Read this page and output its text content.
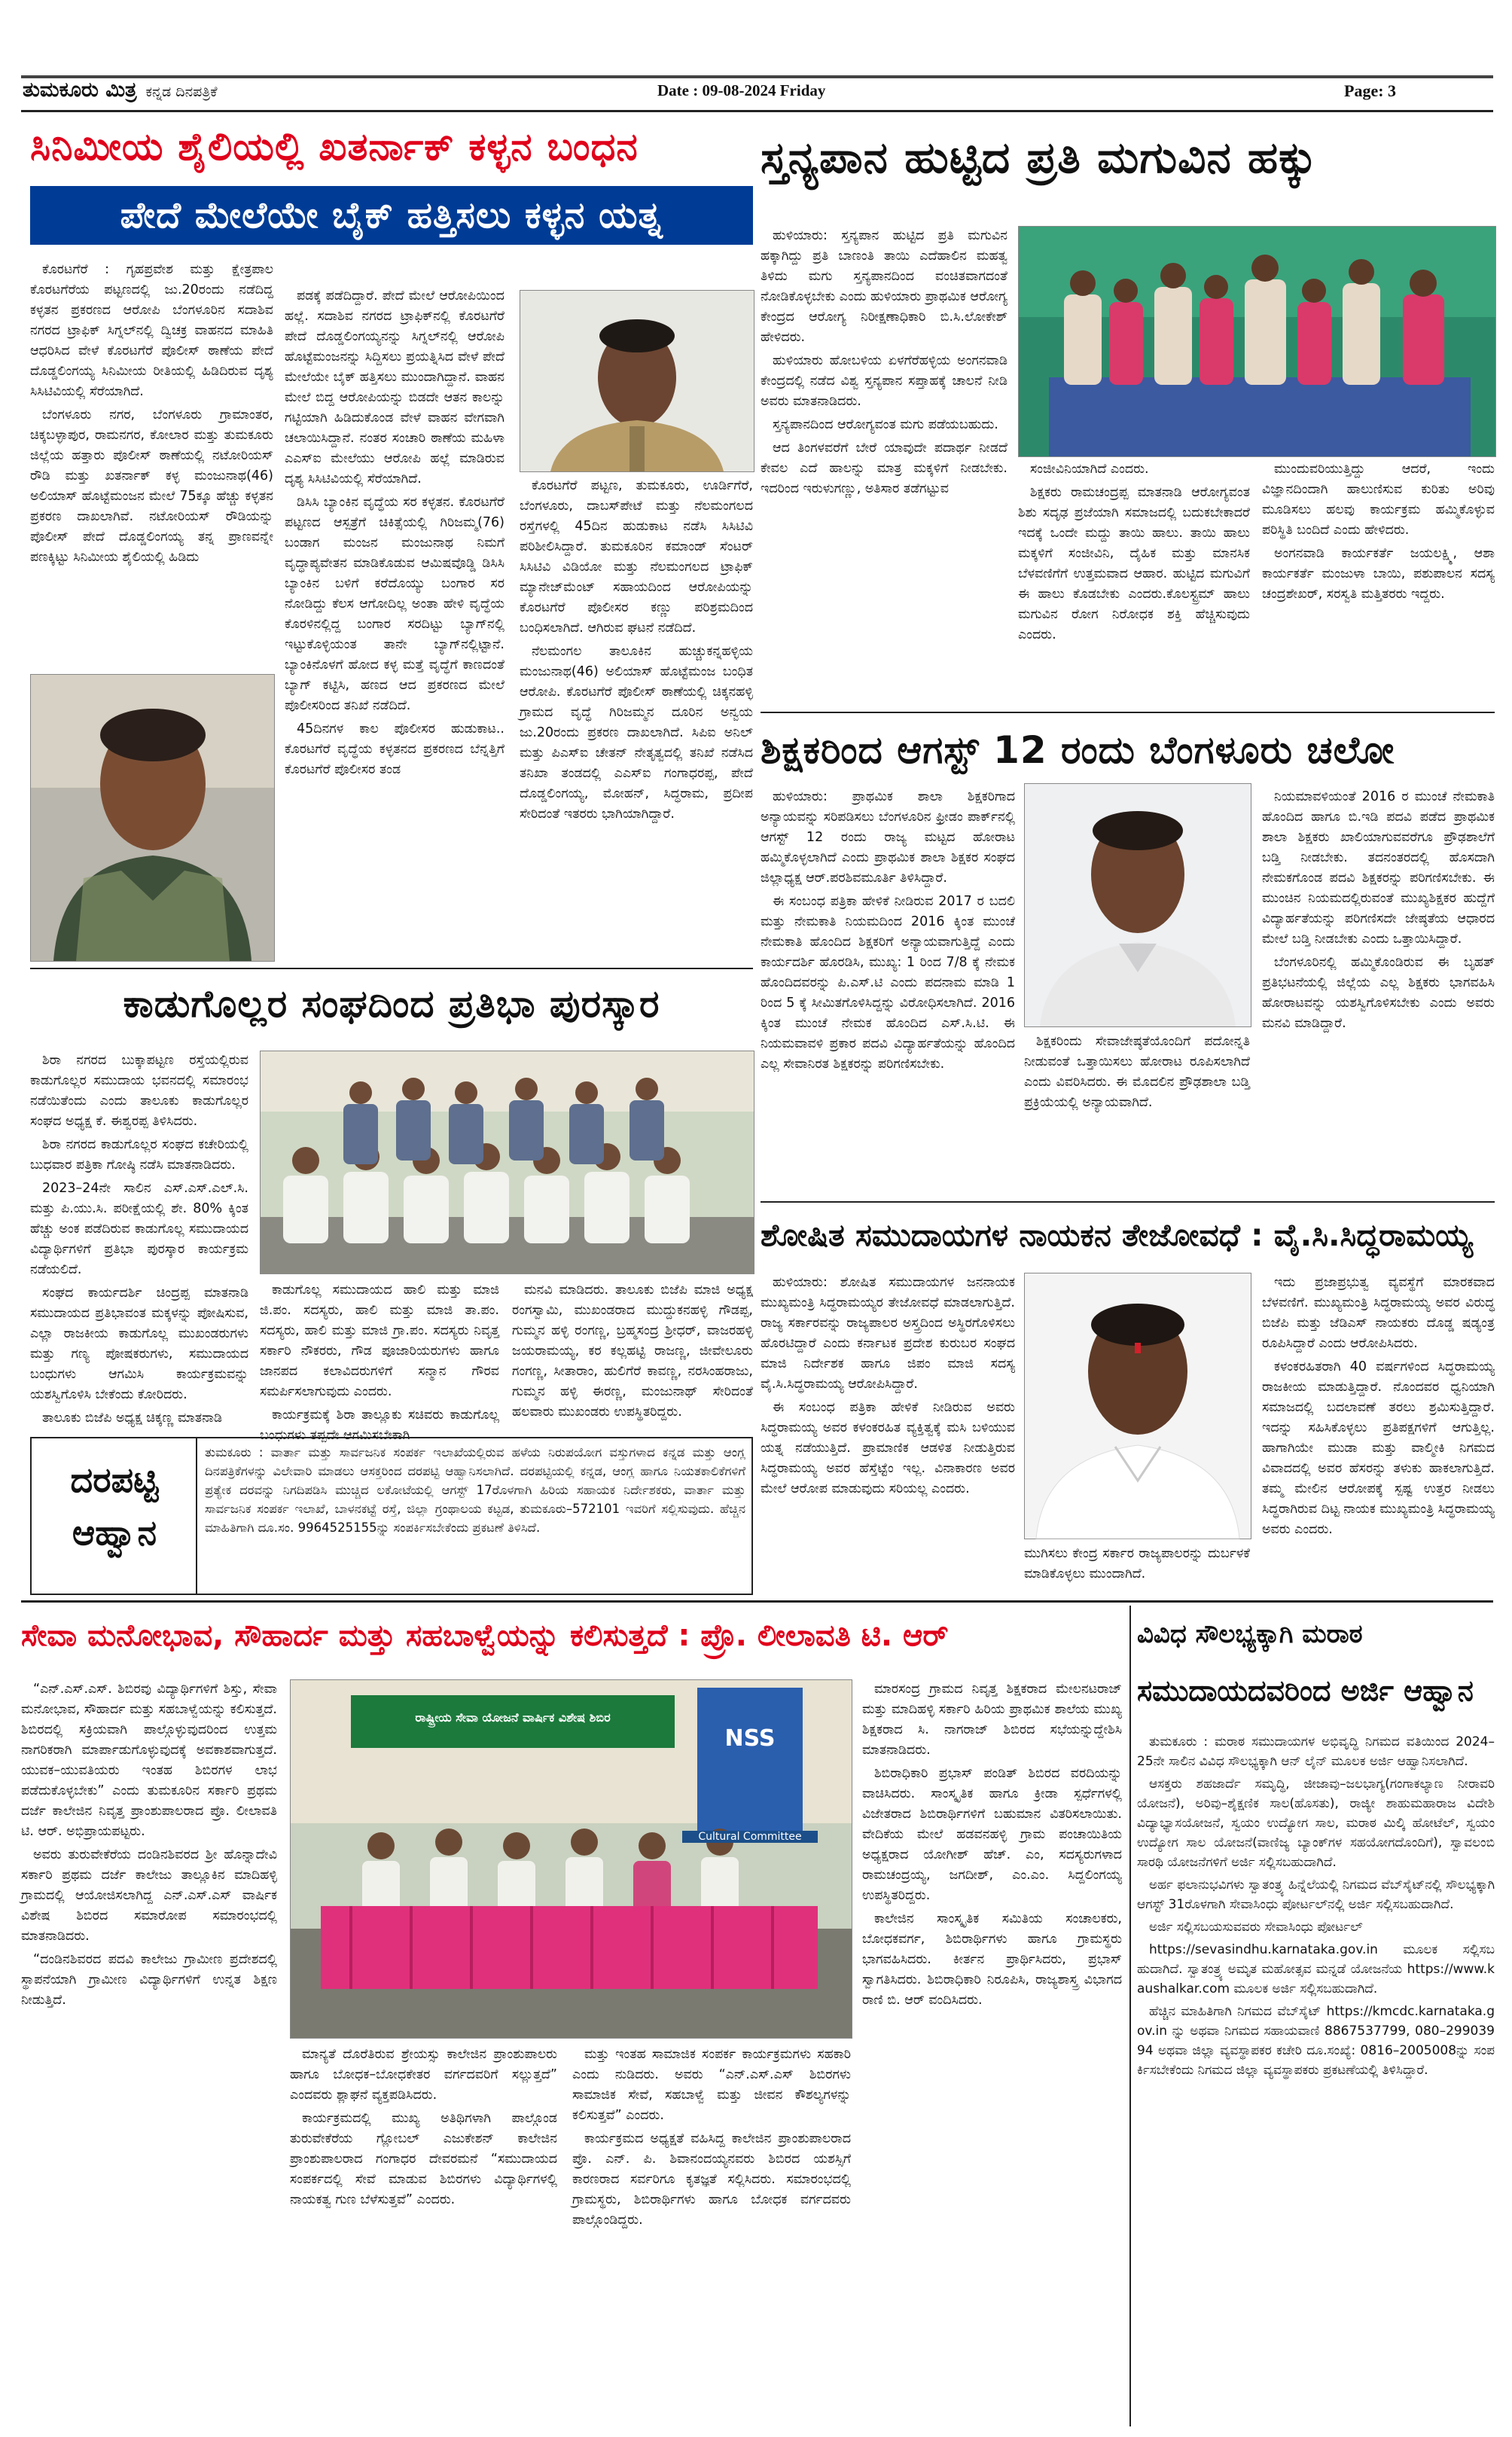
ತುಮಕೂರು ಮಿತ್ರ ಕನ್ನಡ ದಿನಪತ್ರಿಕೆ	Date : 09-08-2024 Friday	Page: 3
ಸಿನಿಮೀಯ ಶೈಲಿಯಲ್ಲಿ ಖತರ್ನಾಕ್ ಕಳ್ಳನ ಬಂಧನ
ಪೇದೆ ಮೇಲೆಯೇ ಬೈಕ್ ಹತ್ತಿಸಲು ಕಳ್ಳನ ಯತ್ನ

ಕೊರಟಗೆರೆ : ಗೃಹಪ್ರವೇಶ ಮತ್ತು ಕ್ಷೇತ್ರಪಾಲ ಕೊರಟಗೆರೆಯ ಪಟ್ಟಣದಲ್ಲಿ ಜು.20ರಂದು ನಡೆದಿದ್ದ ಕಳ್ಳತನ ಪ್ರಕರಣದ ಆರೋಪಿ ಬೆಂಗಳೂರಿನ ಸದಾಶಿವ ನಗರದ ಟ್ರಾಫಿಕ್ ಸಿಗ್ನಲ್‌ನಲ್ಲಿ ದ್ವಿಚಕ್ರ ವಾಹನದ ಮಾಹಿತಿ ಆಧರಿಸಿದ ವೇಳೆ ಕೊರಟಗೆರೆ ಪೊಲೀಸ್ ಠಾಣೆಯ ಪೇದೆ ದೊಡ್ಡಲಿಂಗಯ್ಯ ಸಿನಿಮೀಯ ರೀತಿಯಲ್ಲಿ ಹಿಡಿದಿರುವ ದೃಶ್ಯ ಸಿಸಿಟಿವಿಯಲ್ಲಿ ಸೆರೆಯಾಗಿದೆ.

ಬೆಂಗಳೂರು ನಗರ, ಬೆಂಗಳೂರು ಗ್ರಾಮಾಂತರ, ಚಿಕ್ಕಬಳ್ಳಾಪುರ, ರಾಮನಗರ, ಕೋಲಾರ ಮತ್ತು ತುಮಕೂರು ಜಿಲ್ಲೆಯ ಹತ್ತಾರು ಪೊಲೀಸ್ ಠಾಣೆಯಲ್ಲಿ ನಟೋರಿಯಸ್ ರೌಡಿ ಮತ್ತು ಖತರ್ನಾಕ್ ಕಳ್ಳ ಮಂಜುನಾಥ(46) ಅಲಿಯಾಸ್ ಹೊಟ್ಟೆಮಂಜನ ಮೇಲೆ 75ಕ್ಕೂ ಹೆಚ್ಚು ಕಳ್ಳತನ ಪ್ರಕರಣ ದಾಖಲಾಗಿವೆ. ನಟೋರಿಯಸ್ ರೌಡಿಯನ್ನು ಪೊಲೀಸ್ ಪೇದೆ ದೊಡ್ಡಲಿಂಗಯ್ಯ ತನ್ನ ಪ್ರಾಣವನ್ನೇ ಪಣಕ್ಕಿಟ್ಟು ಸಿನಿಮೀಯ ಶೈಲಿಯಲ್ಲಿ ಹಿಡಿದು

ಪಡಕ್ಕೆ ಪಡೆದಿದ್ದಾರೆ. ಪೇದೆ ಮೇಲೆ ಆರೋಪಿಯಿಂದ ಹಲ್ಲೆ. ಸದಾಶಿವ ನಗರದ ಟ್ರಾಫಿಕ್‌ನಲ್ಲಿ ಕೊರಟಗೆರೆ ಪೇದೆ ದೊಡ್ಡಲಿಂಗಯ್ಯನನ್ನು ಸಿಗ್ನಲ್‌ನಲ್ಲಿ ಆರೋಪಿ ಹೊಟ್ಟೆಮಂಜನನ್ನು ಸಿದ್ದಿಸಲು ಪ್ರಯತ್ನಿಸಿದ ವೇಳೆ ಪೇದೆ ಮೇಲೆಯೇ ಬೈಕ್ ಹತ್ತಿಸಲು ಮುಂದಾಗಿದ್ದಾನೆ. ವಾಹನ ಮೇಲೆ ಬಿದ್ದ ಆರೋಪಿಯನ್ನು ಬಿಡದೇ ಆತನ ಕಾಲನ್ನು ಗಟ್ಟಿಯಾಗಿ ಹಿಡಿದುಕೊಂಡ ವೇಳೆ ವಾಹನ ವೇಗವಾಗಿ ಚಲಾಯಿಸಿದ್ದಾನೆ. ನಂತರ ಸಂಚಾರಿ ಠಾಣೆಯ ಮಹಿಳಾ ಎಎಸ್ಐ ಮೇಲೆಯು ಆರೋಪಿ ಹಲ್ಲೆ ಮಾಡಿರುವ ದೃಶ್ಯ ಸಿಸಿಟಿವಿಯಲ್ಲಿ ಸೆರೆಯಾಗಿದೆ.

ಡಿಸಿಸಿ ಬ್ಯಾಂಕಿನ ವೃದ್ಧೆಯ ಸರ ಕಳ್ಳತನ. ಕೊರಟಗೆರೆ ಪಟ್ಟಣದ ಆಸ್ಪತ್ರೆಗೆ ಚಿಕಿತ್ಸೆಯಲ್ಲಿ ಗಿರಿಜಮ್ಮ(76) ಬಂಡಾಗ ಮಂಜನ ಮಂಜುನಾಥ ನಿಮಗೆ ವೃದ್ಧಾಪ್ಯವೇತನ ಮಾಡಿಕೊಡುವ ಆಮಿಷವೊಡ್ಡಿ ಡಿಸಿಸಿ ಬ್ಯಾಂಕಿನ ಬಳಿಗೆ ಕರೆದೊಯ್ಯು ಬಂಗಾರ ಸರ ನೋಡಿದ್ದು ಕೆಲಸ ಆಗೋದಿಲ್ಲ ಅಂತಾ ಹೇಳಿ ವೃದ್ಧೆಯ ಕೊರಳಿನಲ್ಲಿದ್ದ ಬಂಗಾರ ಸರದಿಟ್ಟು ಬ್ಯಾಗ್‌ನಲ್ಲಿ ಇಟ್ಟುಕೊಳ್ಳಿಯಂತ ತಾನೇ ಬ್ಯಾಗ್‌ನಲ್ಲಿಟ್ಟಾನೆ. ಬ್ಯಾಂಕಿನೊಳಗೆ ಹೋದ ಕಳ್ಳ ಮತ್ತೆ ವೃದ್ಧೆಗೆ ಕಾಣದಂತೆ ಬ್ಯಾಗ್ ಕಟ್ಟಿಸಿ, ಹಣದ ಆದ ಪ್ರಕರಣದ ಮೇಲೆ ಪೊಲೀಸರಿಂದ ತನಿಖೆ ನಡೆದಿದೆ.

45ದಿನಗಳ ಕಾಲ ಪೊಲೀಸರ ಹುಡುಕಾಟ.. ಕೊರಟಗೆರೆ ವೃದ್ಧೆಯ ಕಳ್ಳತನದ ಪ್ರಕರಣದ ಬೆನ್ನತ್ತಿಗೆ ಕೊರಟಗೆರೆ ಪೊಲೀಸರ ತಂಡ

ಕೊರಟಗೆರೆ ಪಟ್ಟಣ, ತುಮಕೂರು, ಊರ್ಡಿಗೆರೆ, ಬೆಂಗಳೂರು, ದಾಬಸ್‌ಪೇಟೆ ಮತ್ತು ನೆಲಮಂಗಲದ ರಸ್ತೆಗಳಲ್ಲಿ 45ದಿನ ಹುಡುಕಾಟ ನಡೆಸಿ ಸಿಸಿಟಿವಿ ಪರಿಶೀಲಿಸಿದ್ದಾರೆ. ತುಮಕೂರಿನ ಕಮಾಂಡ್ ಸೆಂಟರ್ ಸಿಸಿಟಿವಿ ವಿಡಿಯೋ ಮತ್ತು ನೆಲಮಂಗಲದ ಟ್ರಾಫಿಕ್ ಮ್ಯಾನೇಜ್‌ಮೆಂಟ್ ಸಹಾಯದಿಂದ ಆರೋಪಿಯನ್ನು ಕೊರಟಗೆರೆ ಪೊಲೀಸರ ಕಣ್ಣು ಪರಿಶ್ರಮದಿಂದ ಬಂಧಿಸಲಾಗಿದೆ. ಆಗಿರುವ ಘಟನೆ ನಡೆದಿದೆ.

ನೆಲಮಂಗಲ ತಾಲೂಕಿನ ಹುಚ್ಚುಕನ್ನಹಳ್ಳಿಯ ಮಂಜುನಾಥ(46) ಅಲಿಯಾಸ್ ಹೊಟ್ಟೆಮಂಜ ಬಂಧಿತ ಆರೋಪಿ. ಕೊರಟಗೆರೆ ಪೊಲೀಸ್ ಠಾಣೆಯಲ್ಲಿ ಚಿಕ್ಕನಹಳ್ಳಿ ಗ್ರಾಮದ ವೃದ್ಧೆ ಗಿರಿಜಮ್ಮನ ದೂರಿನ ಅನ್ವಯ ಜು.20ರಂದು ಪ್ರಕರಣ ದಾಖಲಾಗಿದೆ. ಸಿಪಿಐ ಅನಿಲ್ ಮತ್ತು ಪಿಎಸ್ಐ ಚೇತನ್ ನೇತೃತ್ವದಲ್ಲಿ ತನಿಖೆ ನಡೆಸಿದ ತನಿಖಾ ತಂಡದಲ್ಲಿ ಎಎಸ್ಐ ಗಂಗಾಧರಪ್ಪ, ಪೇದೆ ದೊಡ್ಡಲಿಂಗಯ್ಯ, ಮೋಹನ್, ಸಿದ್ಧರಾಮ, ಪ್ರದೀಪ ಸೇರಿದಂತೆ ಇತರರು ಭಾಗಿಯಾಗಿದ್ದಾರೆ.

ಕಾಡುಗೊಲ್ಲರ ಸಂಘದಿಂದ ಪ್ರತಿಭಾ ಪುರಸ್ಕಾರ

ಶಿರಾ ನಗರದ ಬುಕ್ಕಾಪಟ್ಟಣ ರಸ್ತೆಯಲ್ಲಿರುವ ಕಾಡುಗೊಲ್ಲರ ಸಮುದಾಯ ಭವನದಲ್ಲಿ ಸಮಾರಂಭ ನಡೆಯಿತೆಂದು ಎಂದು ತಾಲೂಕು ಕಾಡುಗೊಲ್ಲರ ಸಂಘದ ಅಧ್ಯಕ್ಷ ಕೆ. ಈಶ್ವರಪ್ಪ ತಿಳಿಸಿದರು.

ಶಿರಾ ನಗರದ ಕಾಡುಗೊಲ್ಲರ ಸಂಘದ ಕಚೇರಿಯಲ್ಲಿ ಬುಧವಾರ ಪತ್ರಿಕಾ ಗೋಷ್ಠಿ ನಡೆಸಿ ಮಾತನಾಡಿದರು.

2023–24ನೇ ಸಾಲಿನ ಎಸ್.ಎಸ್.ಎಲ್.ಸಿ. ಮತ್ತು ಪಿ.ಯು.ಸಿ. ಪರೀಕ್ಷೆಯಲ್ಲಿ ಶೇ. 80% ಕ್ಕಿಂತ ಹೆಚ್ಚು ಅಂಕ ಪಡೆದಿರುವ ಕಾಡುಗೊಲ್ಲ ಸಮುದಾಯದ ವಿದ್ಯಾರ್ಥಿಗಳಿಗೆ ಪ್ರತಿಭಾ ಪುರಸ್ಕಾರ ಕಾರ್ಯಕ್ರಮ ನಡೆಯಲಿದೆ.

ಸಂಘದ ಕಾರ್ಯದರ್ಶಿ ಚಿಂದ್ರಪ್ಪ ಮಾತನಾಡಿ ಸಮುದಾಯದ ಪ್ರತಿಭಾವಂತ ಮಕ್ಕಳನ್ನು ಪೋಷಿಸುವ, ಎಲ್ಲಾ ರಾಜಕೀಯ ಕಾಡುಗೊಲ್ಲ ಮುಖಂಡರುಗಳು ಮತ್ತು ಗಣ್ಯ ಪೋಷಕರುಗಳು, ಸಮುದಾಯದ ಬಂಧುಗಳು ಆಗಮಿಸಿ ಕಾರ್ಯಕ್ರಮವನ್ನು ಯಶಸ್ವಿಗೊಳಿಸಿ ಬೇಕೆಂದು ಕೋರಿದರು.

ತಾಲೂಕು ಬಿಜೆಪಿ ಅಧ್ಯಕ್ಷ ಚಿಕ್ಕಣ್ಣ ಮಾತನಾಡಿ

ಕಾಡುಗೊಲ್ಲ ಸಮುದಾಯದ ಹಾಲಿ ಮತ್ತು ಮಾಜಿ ಜಿ.ಪಂ. ಸದಸ್ಯರು, ಹಾಲಿ ಮತ್ತು ಮಾಜಿ ತಾ.ಪಂ. ಸದಸ್ಯರು, ಹಾಲಿ ಮತ್ತು ಮಾಜಿ ಗ್ರಾ.ಪಂ. ಸದಸ್ಯರು ನಿವೃತ್ತ ಸರ್ಕಾರಿ ನೌಕರರು, ಗೌಡ ಪೂಜಾರಿಯರುಗಳು ಹಾಗೂ ಜಾನಪದ ಕಲಾವಿದರುಗಳಿಗೆ ಸನ್ಮಾನ ಗೌರವ ಸಮರ್ಪಿಸಲಾಗುವುದು ಎಂದರು.

ಕಾರ್ಯಕ್ರಮಕ್ಕೆ ಶಿರಾ ತಾಲ್ಲೂಕು ಸಚಿವರು ಕಾಡುಗೊಲ್ಲ ಬಂಧುಗಳು ತಪ್ಪದೇ ಆಗಮಿಸಬೇಕಾಗಿ

ಮನವಿ ಮಾಡಿದರು. ತಾಲೂಕು ಬಿಜೆಪಿ ಮಾಜಿ ಅಧ್ಯಕ್ಷ ರಂಗಸ್ವಾಮಿ, ಮುಖಂಡರಾದ ಮುದ್ದುಕನಹಳ್ಳಿ ಗೌಡಪ್ಪ, ಗುಮ್ಮನ ಹಳ್ಳಿ ರಂಗಣ್ಣ, ಬ್ರಹ್ಮಸಂದ್ರ ಶ್ರೀಧರ್, ವಾಜರಹಳ್ಳಿ ಜಯರಾಮಯ್ಯ, ಕರ ಕಲ್ಲಹಟ್ಟಿ ರಾಜಣ್ಣ, ಜೀವೇಲೂರು ಗಂಗಣ್ಣ, ಸೀತಾರಾಂ, ಹುಲಿಗೆರೆ ಕಾವಣ್ಣ, ನರಸಿಂಹರಾಜು, ಗುಮ್ಮನ ಹಳ್ಳಿ ಈರಣ್ಣ, ಮಂಜುನಾಥ್ ಸೇರಿದಂತೆ ಹಲವಾರು ಮುಖಂಡರು ಉಪಸ್ಥಿತರಿದ್ದರು.

ದರಪಟ್ಟಿ ಆಹ್ವಾನ
ತುಮಕೂರು : ವಾರ್ತಾ ಮತ್ತು ಸಾರ್ವಜನಿಕ ಸಂಪರ್ಕ ಇಲಾಖೆಯಲ್ಲಿರುವ ಹಳೆಯ ನಿರುಪಯೋಗ ವಸ್ತುಗಳಾದ ಕನ್ನಡ ಮತ್ತು ಆಂಗ್ಲ ದಿನಪತ್ರಿಕೆಗಳನ್ನು ವಿಲೇವಾರಿ ಮಾಡಲು ಆಸಕ್ತರಿಂದ ದರಪಟ್ಟಿ ಆಹ್ವಾನಿಸಲಾಗಿದೆ. ದರಪಟ್ಟಿಯಲ್ಲಿ ಕನ್ನಡ, ಆಂಗ್ಲ ಹಾಗೂ ನಿಯತಕಾಲಿಕೆಗಳಿಗೆ ಪ್ರತ್ಯೇಕ ದರವನ್ನು ನಿಗದಿಪಡಿಸಿ ಮುಚ್ಚಿದ ಲಕೋಟೆಯಲ್ಲಿ ಆಗಸ್ಟ್ 17ರೊಳಗಾಗಿ ಹಿರಿಯ ಸಹಾಯಕ ನಿರ್ದೇಶಕರು, ವಾರ್ತಾ ಮತ್ತು ಸಾರ್ವಜನಿಕ ಸಂಪರ್ಕ ಇಲಾಖೆ, ಬಾಳನಕಟ್ಟೆ ರಸ್ತೆ, ಜಿಲ್ಲಾ ಗ್ರಂಥಾಲಯ ಕಟ್ಟಡ, ತುಮಕೂರು–572101 ಇವರಿಗೆ ಸಲ್ಲಿಸುವುದು. ಹೆಚ್ಚಿನ ಮಾಹಿತಿಗಾಗಿ ದೂ.ಸಂ. 9964525155ನ್ನು ಸಂಪರ್ಕಿಸಬೇಕೆಂದು ಪ್ರಕಟಣೆ ತಿಳಿಸಿದೆ.
ಸ್ತನ್ಯಪಾನ ಹುಟ್ಟಿದ ಪ್ರತಿ ಮಗುವಿನ ಹಕ್ಕು

ಹುಳಿಯಾರು: ಸ್ತನ್ಯಪಾನ ಹುಟ್ಟಿದ ಪ್ರತಿ ಮಗುವಿನ ಹಕ್ಕಾಗಿದ್ದು ಪ್ರತಿ ಬಾಣಂತಿ ತಾಯಿ ಎದೆಹಾಲಿನ ಮಹತ್ವ ತಿಳಿದು ಮಗು ಸ್ತನ್ಯಪಾನದಿಂದ ವಂಚಿತವಾಗದಂತೆ ನೋಡಿಕೊಳ್ಳಬೇಕು ಎಂದು ಹುಳಿಯಾರು ಪ್ರಾಥಮಿಕ ಆರೋಗ್ಯ ಕೇಂದ್ರದ ಆರೋಗ್ಯ ನಿರೀಕ್ಷಣಾಧಿಕಾರಿ ಬಿ.ಸಿ.ಲೋಕೇಶ್ ಹೇಳಿದರು.

ಹುಳಿಯಾರು ಹೋಬಳಿಯ ಏಳಗೆರೆಹಳ್ಳಿಯ ಅಂಗನವಾಡಿ ಕೇಂದ್ರದಲ್ಲಿ ನಡೆದ ವಿಶ್ವ ಸ್ತನ್ಯಪಾನ ಸಪ್ತಾಹಕ್ಕೆ ಚಾಲನೆ ನೀಡಿ ಅವರು ಮಾತನಾಡಿದರು.

ಸ್ತನ್ಯಪಾನದಿಂದ ಆರೋಗ್ಯವಂತ ಮಗು ಪಡೆಯಬಹುದು.

ಆದ ತಿಂಗಳವರೆಗೆ ಬೇರೆ ಯಾವುದೇ ಪದಾರ್ಥ ನೀಡದೆ ಕೇವಲ ಎದೆ ಹಾಲನ್ನು ಮಾತ್ರ ಮಕ್ಕಳಿಗೆ ನೀಡಬೇಕು. ಇದರಿಂದ ಇರುಳುಗಣ್ಣು, ಅತಿಸಾರ ತಡೆಗಟ್ಟುವ

ಸಂಜೀವಿನಿಯಾಗಿದೆ ಎಂದರು.

ಶಿಕ್ಷಕರು ರಾಮಚಂದ್ರಪ್ಪ ಮಾತನಾಡಿ ಆರೋಗ್ಯವಂತ ಶಿಶು ಸದೃಢ ಪ್ರಜೆಯಾಗಿ ಸಮಾಜದಲ್ಲಿ ಬದುಕಬೇಕಾದರೆ ಇದಕ್ಕೆ ಒಂದೇ ಮದ್ದು ತಾಯಿ ಹಾಲು. ತಾಯಿ ಹಾಲು ಮಕ್ಕಳಿಗೆ ಸಂಜೀವಿನಿ, ದೈಹಿಕ ಮತ್ತು ಮಾನಸಿಕ ಬೆಳವಣಿಗೆಗೆ ಉತ್ತಮವಾದ ಆಹಾರ. ಹುಟ್ಟಿದ ಮಗುವಿಗೆ ಈ ಹಾಲು ಕೊಡಬೇಕು ಎಂದರು.ಕೊಲಸ್ಟ್ರಮ್ ಹಾಲು ಮಗುವಿನ ರೋಗ ನಿರೋಧಕ ಶಕ್ತಿ ಹೆಚ್ಚಿಸುವುದು ಎಂದರು.

ಮುಂದುವರಿಯುತ್ತಿದ್ದು ಆದರೆ, ಇಂದು ವಿಜ್ಞಾನದಿಂದಾಗಿ ಹಾಲುಣಿಸುವ ಕುರಿತು ಅರಿವು ಮೂಡಿಸಲು ಹಲವು ಕಾರ್ಯಕ್ರಮ ಹಮ್ಮಿಕೊಳ್ಳುವ ಪರಿಸ್ಥಿತಿ ಬಂದಿದೆ ಎಂದು ಹೇಳಿದರು.

ಅಂಗನವಾಡಿ ಕಾರ್ಯಕರ್ತೆ ಜಯಲಕ್ಷ್ಮಿ, ಆಶಾ ಕಾರ್ಯಕರ್ತೆ ಮಂಜುಳಾ ಬಾಯಿ, ಪಶುಪಾಲನ ಸದಸ್ಯ ಚಂದ್ರಶೇಖರ್, ಸರಸ್ವತಿ ಮತ್ತಿತರರು ಇದ್ದರು.

ಶಿಕ್ಷಕರಿಂದ ಆಗಸ್ಟ್ 12 ರಂದು ಬೆಂಗಳೂರು ಚಲೋ

ಹುಳಿಯಾರು: ಪ್ರಾಥಮಿಕ ಶಾಲಾ ಶಿಕ್ಷಕರಿಗಾದ ಅನ್ಯಾಯವನ್ನು ಸರಿಪಡಿಸಲು ಬೆಂಗಳೂರಿನ ಫ್ರೀಡಂ ಪಾರ್ಕ್‌ನಲ್ಲಿ ಆಗಸ್ಟ್ 12 ರಂದು ರಾಜ್ಯ ಮಟ್ಟದ ಹೋರಾಟ ಹಮ್ಮಿಕೊಳ್ಳಲಾಗಿದೆ ಎಂದು ಪ್ರಾಥಮಿಕ ಶಾಲಾ ಶಿಕ್ಷಕರ ಸಂಘದ ಜಿಲ್ಲಾಧ್ಯಕ್ಷ ಆರ್.ಪರಶಿವಮೂರ್ತಿ ತಿಳಿಸಿದ್ದಾರೆ.

ಈ ಸಂಬಂಧ ಪತ್ರಿಕಾ ಹೇಳಿಕೆ ನೀಡಿರುವ 2017 ರ ಬದಲಿ ಮತ್ತು ನೇಮಕಾತಿ ನಿಯಮದಿಂದ 2016 ಕ್ಕಿಂತ ಮುಂಚೆ ನೇಮಕಾತಿ ಹೊಂದಿದ ಶಿಕ್ಷಕರಿಗೆ ಅನ್ಯಾಯವಾಗುತ್ತಿದ್ದೆ ಎಂದು ಕಾರ್ಯದರ್ಶಿ ಹೊರಡಿಸಿ, ಮುಖ್ಯ: 1 ರಿಂದ 7/8 ಕ್ಕೆ ನೇಮಕ ಹೊಂದಿದವರನ್ನು ಪಿ.ಎಸ್.ಟಿ ಎಂದು ಪದನಾಮ ಮಾಡಿ 1 ರಿಂದ 5 ಕ್ಕೆ ಸೀಮಿತಗೊಳಿಸಿದ್ದನ್ನು ವಿರೋಧಿಸಲಾಗಿದೆ. 2016 ಕ್ಕಿಂತ ಮುಂಚೆ ನೇಮಕ ಹೊಂದಿದ ಎಸ್.ಸಿ.ಟಿ. ಈ ನಿಯಮವಾವಳಿ ಪ್ರಕಾರ ಪದವಿ ವಿದ್ಯಾರ್ಹತೆಯನ್ನು ಹೊಂದಿದ ಎಲ್ಲ ಸೇವಾನಿರತ ಶಿಕ್ಷಕರನ್ನು ಪರಿಗಣಿಸಬೇಕು.

ಶಿಕ್ಷಕರಿಂದು ಸೇವಾಜೇಷ್ಠತೆಯೊಂದಿಗೆ ಪದೋನ್ನತಿ ನೀಡುವಂತೆ ಒತ್ತಾಯಿಸಲು ಹೋರಾಟ ರೂಪಿಸಲಾಗಿದೆ ಎಂದು ವಿವರಿಸಿದರು. ಈ ಮೊದಲಿನ ಪ್ರೌಢಶಾಲಾ ಬಡ್ತಿ ಪ್ರಕ್ರಿಯೆಯಲ್ಲಿ ಅನ್ಯಾಯವಾಗಿದೆ.

ನಿಯಮಾವಳಿಯಂತೆ 2016 ರ ಮುಂಚೆ ನೇಮಕಾತಿ ಹೊಂದಿದ ಹಾಗೂ ಬಿ.ಇಡಿ ಪದವಿ ಪಡೆದ ಪ್ರಾಥಮಿಕ ಶಾಲಾ ಶಿಕ್ಷಕರು ಖಾಲಿಯಾಗುವವರೆಗೂ ಪ್ರೌಢಶಾಲೆಗೆ ಬಡ್ತಿ ನೀಡಬೇಕು. ತದನಂತರದಲ್ಲಿ ಹೊಸದಾಗಿ ನೇಮಕಗೊಂಡ ಪದವಿ ಶಿಕ್ಷಕರನ್ನು ಪರಿಗಣಿಸಬೇಕು. ಈ ಮುಂಚಿನ ನಿಯಮದಲ್ಲಿರುವಂತೆ ಮುಖ್ಯಶಿಕ್ಷಕರ ಹುದ್ದೆಗೆ ವಿದ್ಯಾರ್ಹತೆಯನ್ನು ಪರಿಗಣಿಸದೇ ಜೇಷ್ಠತೆಯ ಆಧಾರದ ಮೇಲೆ ಬಡ್ತಿ ನೀಡಬೇಕು ಎಂದು ಒತ್ತಾಯಿಸಿದ್ದಾರೆ.

ಬೆಂಗಳೂರಿನಲ್ಲಿ ಹಮ್ಮಿಕೊಂಡಿರುವ ಈ ಬೃಹತ್ ಪ್ರತಿಭಟನೆಯಲ್ಲಿ ಜಿಲ್ಲೆಯ ಎಲ್ಲ ಶಿಕ್ಷಕರು ಭಾಗವಹಿಸಿ ಹೋರಾಟವನ್ನು ಯಶಸ್ವಿಗೊಳಿಸಬೇಕು ಎಂದು ಅವರು ಮನವಿ ಮಾಡಿದ್ದಾರೆ.

ಶೋಷಿತ ಸಮುದಾಯಗಳ ನಾಯಕನ ತೇಜೋವಧೆ : ವೈ.ಸಿ.ಸಿದ್ಧರಾಮಯ್ಯ

ಹುಳಿಯಾರು: ಶೋಷಿತ ಸಮುದಾಯಗಳ ಜನನಾಯಕ ಮುಖ್ಯಮಂತ್ರಿ ಸಿದ್ಧರಾಮಯ್ಯರ ತೇಜೋವಧೆ ಮಾಡಲಾಗುತ್ತಿದೆ. ರಾಜ್ಯ ಸರ್ಕಾರವನ್ನು ರಾಜ್ಯಪಾಲರ ಅಸ್ತ್ರದಿಂದ ಅಸ್ಥಿರಗೊಳಿಸಲು ಹೊರಟಿದ್ದಾರೆ ಎಂದು ಕರ್ನಾಟಕ ಪ್ರದೇಶ ಕುರುಬರ ಸಂಘದ ಮಾಜಿ ನಿರ್ದೇಶಕ ಹಾಗೂ ಜಿಪಂ ಮಾಜಿ ಸದಸ್ಯ ವೈ.ಸಿ.ಸಿದ್ಧರಾಮಯ್ಯ ಆರೋಪಿಸಿದ್ದಾರೆ.

ಈ ಸಂಬಂಧ ಪತ್ರಿಕಾ ಹೇಳಿಕೆ ನೀಡಿರುವ ಅವರು ಸಿದ್ಧರಾಮಯ್ಯ ಅವರ ಕಳಂಕರಹಿತ ವ್ಯಕ್ತಿತ್ವಕ್ಕೆ ಮಸಿ ಬಳಿಯುವ ಯತ್ನ ನಡೆಯುತ್ತಿದೆ. ಪ್ರಾಮಾಣಿಕ ಆಡಳಿತ ನೀಡುತ್ತಿರುವ ಸಿದ್ಧರಾಮಯ್ಯ ಅವರ ಹೆಸ್ತೆಟ್ಟೆಂ ಇಲ್ಲ. ವಿನಾಕಾರಣ ಅವರ ಮೇಲೆ ಆರೋಪ ಮಾಡುವುದು ಸರಿಯಲ್ಲ ಎಂದರು.

ಮುಗಿಸಲು ಕೇಂದ್ರ ಸರ್ಕಾರ ರಾಜ್ಯಪಾಲರನ್ನು ದುರ್ಬಳಕೆ ಮಾಡಿಕೊಳ್ಳಲು ಮುಂದಾಗಿದೆ.

ಇದು ಪ್ರಜಾಪ್ರಭುತ್ವ ವ್ಯವಸ್ಥೆಗೆ ಮಾರಕವಾದ ಬೆಳವಣಿಗೆ. ಮುಖ್ಯಮಂತ್ರಿ ಸಿದ್ಧರಾಮಯ್ಯ ಅವರ ವಿರುದ್ಧ ಬಿಜೆಪಿ ಮತ್ತು ಜೆಡಿಎಸ್ ನಾಯಕರು ದೊಡ್ಡ ಷಡ್ಯಂತ್ರ ರೂಪಿಸಿದ್ದಾರೆ ಎಂದು ಆರೋಪಿಸಿದರು.

ಕಳಂಕರಹಿತರಾಗಿ 40 ವರ್ಷಗಳಿಂದ ಸಿದ್ಧರಾಮಯ್ಯ ರಾಜಕೀಯ ಮಾಡುತ್ತಿದ್ದಾರೆ. ನೊಂದವರ ಧ್ವನಿಯಾಗಿ ಸಮಾಜದಲ್ಲಿ ಬದಲಾವಣೆ ತರಲು ಶ್ರಮಿಸುತ್ತಿದ್ದಾರೆ. ಇದನ್ನು ಸಹಿಸಿಕೊಳ್ಳಲು ಪ್ರತಿಪಕ್ಷಗಳಿಗೆ ಆಗುತ್ತಿಲ್ಲ. ಹಾಗಾಗಿಯೇ ಮುಡಾ ಮತ್ತು ವಾಲ್ಮೀಕಿ ನಿಗಮದ ವಿವಾದದಲ್ಲಿ ಅವರ ಹೆಸರನ್ನು ತಳುಕು ಹಾಕಲಾಗುತ್ತಿದೆ. ತಮ್ಮ ಮೇಲಿನ ಆರೋಪಕ್ಕೆ ಸ್ಪಷ್ಟ ಉತ್ತರ ನೀಡಲು ಸಿದ್ಧರಾಗಿರುವ ದಿಟ್ಟ ನಾಯಕ ಮುಖ್ಯಮಂತ್ರಿ ಸಿದ್ಧರಾಮಯ್ಯ ಅವರು ಎಂದರು.

ಸೇವಾ ಮನೋಭಾವ, ಸೌಹಾರ್ದ ಮತ್ತು ಸಹಬಾಳ್ವೆಯನ್ನು ಕಲಿಸುತ್ತದೆ : ಪ್ರೊ. ಲೀಲಾವತಿ ಟಿ. ಆರ್

“ಎನ್.ಎಸ್.ಎಸ್. ಶಿಬಿರವು ವಿದ್ಯಾರ್ಥಿಗಳಿಗೆ ಶಿಸ್ತು, ಸೇವಾ ಮನೋಭಾವ, ಸೌಹಾರ್ದ ಮತ್ತು ಸಹಬಾಳ್ವೆಯನ್ನು ಕಲಿಸುತ್ತದೆ. ಶಿಬಿರದಲ್ಲಿ ಸಕ್ರಿಯವಾಗಿ ಪಾಲ್ಗೊಳ್ಳುವುದರಿಂದ ಉತ್ತಮ ನಾಗರಿಕರಾಗಿ ಮಾರ್ಪಾಡುಗೊಳ್ಳುವುದಕ್ಕೆ ಅವಕಾಶವಾಗುತ್ತದೆ. ಯುವಕ–ಯುವತಿಯರು ಇಂತಹ ಶಿಬಿರಗಳ ಲಾಭ ಪಡೆದುಕೊಳ್ಳಬೇಕು” ಎಂದು ತುಮಕೂರಿನ ಸರ್ಕಾರಿ ಪ್ರಥಮ ದರ್ಜೆ ಕಾಲೇಜಿನ ನಿವೃತ್ತ ಪ್ರಾಂಶುಪಾಲರಾದ ಪ್ರೊ. ಲೀಲಾವತಿ ಟಿ. ಆರ್. ಅಭಿಪ್ರಾಯಪಟ್ಟರು.

ಅವರು ತುರುವೇಕೆರೆಯ ದಂಡಿನಶಿವರದ ಶ್ರೀ ಹೊನ್ನಾದೇವಿ ಸರ್ಕಾರಿ ಪ್ರಥಮ ದರ್ಜೆ ಕಾಲೇಜು ತಾಲ್ಲೂಕಿನ ಮಾದಿಹಳ್ಳಿ ಗ್ರಾಮದಲ್ಲಿ ಆಯೋಜಿಸಲಾಗಿದ್ದ ಎನ್.ಎಸ್.ಎಸ್ ವಾರ್ಷಿಕ ವಿಶೇಷ ಶಿಬಿರದ ಸಮಾರೋಪ ಸಮಾರಂಭದಲ್ಲಿ ಮಾತನಾಡಿದರು.

“ದಂಡಿನಶಿವರದ ಪದವಿ ಕಾಲೇಜು ಗ್ರಾಮೀಣ ಪ್ರದೇಶದಲ್ಲಿ ಸ್ಥಾಪನೆಯಾಗಿ ಗ್ರಾಮೀಣ ವಿದ್ಯಾರ್ಥಿಗಳಿಗೆ ಉನ್ನತ ಶಿಕ್ಷಣ ನೀಡುತ್ತಿದೆ.

ರಾಷ್ಟ್ರೀಯ ಸೇವಾ ಯೋಜನೆ ವಾರ್ಷಿಕ ವಿಶೇಷ ಶಿಬಿರ
NSS
Cultural Committee

ಮಾನ್ಯತೆ ದೊರೆತಿರುವ ಶ್ರೇಯಸ್ಸು ಕಾಲೇಜಿನ ಪ್ರಾಂಶುಪಾಲರು ಹಾಗೂ ಬೋಧಕ–ಬೋಧಕೇತರ ವರ್ಗದವರಿಗೆ ಸಲ್ಲುತ್ತದೆ” ಎಂದವರು ಶ್ಲಾಘನೆ ವ್ಯಕ್ತಪಡಿಸಿದರು.

ಕಾರ್ಯಕ್ರಮದಲ್ಲಿ ಮುಖ್ಯ ಅತಿಥಿಗಳಾಗಿ ಪಾಲ್ಗೊಂಡ ತುರುವೇಕೆರೆಯ ಗ್ಲೋಬಲ್ ಎಜುಕೇಶನ್ ಕಾಲೇಜಿನ ಪ್ರಾಂಶುಪಾಲರಾದ ಗಂಗಾಧರ ದೇವರಮನೆ “ಸಮುದಾಯದ ಸಂಪರ್ಕದಲ್ಲಿ ಸೇವೆ ಮಾಡುವ ಶಿಬಿರಗಳು ವಿದ್ಯಾರ್ಥಿಗಳಲ್ಲಿ ನಾಯಕತ್ವ ಗುಣ ಬೆಳೆಸುತ್ತವೆ” ಎಂದರು.

ಮತ್ತು ಇಂತಹ ಸಾಮಾಜಿಕ ಸಂಪರ್ಕ ಕಾರ್ಯಕ್ರಮಗಳು ಸಹಕಾರಿ ಎಂದು ನುಡಿದರು. ಅವರು “ಎನ್.ಎಸ್.ಎಸ್ ಶಿಬಿರಗಳು ಸಾಮಾಜಿಕ ಸೇವೆ, ಸಹಬಾಳ್ವೆ ಮತ್ತು ಜೀವನ ಕೌಶಲ್ಯಗಳನ್ನು ಕಲಿಸುತ್ತವೆ” ಎಂದರು.

ಕಾರ್ಯಕ್ರಮದ ಅಧ್ಯಕ್ಷತೆ ವಹಿಸಿದ್ದ ಕಾಲೇಜಿನ ಪ್ರಾಂಶುಪಾಲರಾದ ಪ್ರೊ. ಎನ್. ಪಿ. ಶಿವಾನಂದಯ್ಯನವರು ಶಿಬಿರದ ಯಶಸ್ಸಿಗೆ ಕಾರಣರಾದ ಸರ್ವರಿಗೂ ಕೃತಜ್ಞತೆ ಸಲ್ಲಿಸಿದರು. ಸಮಾರಂಭದಲ್ಲಿ ಗ್ರಾಮಸ್ಥರು, ಶಿಬಿರಾರ್ಥಿಗಳು ಹಾಗೂ ಬೋಧಕ ವರ್ಗದವರು ಪಾಲ್ಗೊಂಡಿದ್ದರು.

ಮಾರಸಂದ್ರ ಗ್ರಾಮದ ನಿವೃತ್ತ ಶಿಕ್ಷಕರಾದ ಮೇಲನಟರಾಜ್ ಮತ್ತು ಮಾದಿಹಳ್ಳಿ ಸರ್ಕಾರಿ ಹಿರಿಯ ಪ್ರಾಥಮಿಕ ಶಾಲೆಯ ಮುಖ್ಯ ಶಿಕ್ಷಕರಾದ ಸಿ. ನಾಗರಾಜ್ ಶಿಬಿರದ ಸಭೆಯನ್ನುದ್ದೇಶಿಸಿ ಮಾತನಾಡಿದರು.

ಶಿಬಿರಾಧಿಕಾರಿ ಪ್ರಭಾಸ್ ಪಂಡಿತ್ ಶಿಬಿರದ ವರದಿಯನ್ನು ವಾಚಿಸಿದರು. ಸಾಂಸ್ಕೃತಿಕ ಹಾಗೂ ಕ್ರೀಡಾ ಸ್ಪರ್ಧೆಗಳಲ್ಲಿ ವಿಜೇತರಾದ ಶಿಬಿರಾರ್ಥಿಗಳಿಗೆ ಬಹುಮಾನ ವಿತರಿಸಲಾಯಿತು. ವೇದಿಕೆಯ ಮೇಲೆ ಹಡವನಹಳ್ಳಿ ಗ್ರಾಮ ಪಂಚಾಯಿತಿಯ ಅಧ್ಯಕ್ಷರಾದ ಯೋಗೀಶ್ ಹೆಚ್. ಎಂ, ಸದಸ್ಯರುಗಳಾದ ರಾಮಚಂದ್ರಯ್ಯ, ಜಗದೀಶ್, ಎಂ.ಎಂ. ಸಿದ್ದಲಿಂಗಯ್ಯ ಉಪಸ್ಥಿತರಿದ್ದರು.

ಕಾಲೇಜಿನ ಸಾಂಸ್ಕೃತಿಕ ಸಮಿತಿಯ ಸಂಚಾಲಕರು, ಬೋಧಕವರ್ಗ, ಶಿಬಿರಾರ್ಥಿಗಳು ಹಾಗೂ ಗ್ರಾಮಸ್ಥರು ಭಾಗವಹಿಸಿದರು. ಕೀರ್ತನ ಪ್ರಾರ್ಥಿಸಿದರು, ಪ್ರಭಾಸ್ ಸ್ವಾಗತಿಸಿದರು. ಶಿಬಿರಾಧಿಕಾರಿ ನಿರೂಪಿಸಿ, ರಾಜ್ಯಶಾಸ್ತ್ರ ವಿಭಾಗದ ರಾಣಿ ಬಿ. ಆರ್ ವಂದಿಸಿದರು.

ವಿವಿಧ ಸೌಲಭ್ಯಕ್ಕಾಗಿ ಮರಾಠ
ಸಮುದಾಯದವರಿಂದ ಅರ್ಜಿ ಆಹ್ವಾನ

ತುಮಕೂರು : ಮರಾಠ ಸಮುದಾಯಗಳ ಅಭಿವೃದ್ಧಿ ನಿಗಮದ ವತಿಯಿಂದ 2024–25ನೇ ಸಾಲಿನ ವಿವಿಧ ಸೌಲಭ್ಯಕ್ಕಾಗಿ ಆನ್ ಲೈನ್ ಮೂಲಕ ಅರ್ಜಿ ಆಹ್ವಾನಿಸಲಾಗಿದೆ.

ಆಸಕ್ತರು ಶಹಜಾರ್ದೆ ಸಮೃದ್ಧಿ, ಜೀಜಾವು–ಜಲಭಾಗ್ಯ(ಗಂಗಾಕಲ್ಯಾಣ ನೀರಾವರಿ ಯೋಜನೆ), ಅರಿವು–ಶೈಕ್ಷಣಿಕ ಸಾಲ(ಹೊಸತು), ರಾಜ್ಯೀ ಶಾಹುಮಹಾರಾಜ ವಿದೇಶಿ ವಿದ್ಯಾಭ್ಯಾಸಯೋಜನೆ, ಸ್ವಯಂ ಉದ್ಯೋಗ ಸಾಲ, ಮರಾಠ ಮಿಲ್ಕಿ ಹೋಟೆಲ್, ಸ್ವಯಂ ಉದ್ಯೋಗ ಸಾಲ ಯೋಜನೆ(ವಾಣಿಜ್ಯ ಬ್ಯಾಂಕ್‌ಗಳ ಸಹಯೋಗದೊಂದಿಗೆ), ಸ್ವಾವಲಂಬಿ ಸಾರಥಿ ಯೋಜನೆಗಳಿಗೆ ಅರ್ಜಿ ಸಲ್ಲಿಸಬಹುದಾಗಿದೆ.

ಅರ್ಹ ಫಲಾನುಭವಿಗಳು ಸ್ವಾತಂತ್ರ್ಯ ಹಿನ್ನೆಲೆಯಲ್ಲಿ ನಿಗಮದ ವೆಬ್‌ಸೈಟ್‌ನಲ್ಲಿ ಸೌಲಭ್ಯಕ್ಕಾಗಿ ಆಗಸ್ಟ್ 31ರೊಳಗಾಗಿ ಸೇವಾಸಿಂಧು ಪೋರ್ಟಲ್‌ನಲ್ಲಿ ಅರ್ಜಿ ಸಲ್ಲಿಸಬಹುದಾಗಿದೆ.

ಅರ್ಜಿ ಸಲ್ಲಿಸಬಯಸುವವರು ಸೇವಾಸಿಂಧು ಪೋರ್ಟಲ್

https://sevasindhu.karnataka.gov.in ಮೂಲಕ ಸಲ್ಲಿಸಬಹುದಾಗಿದೆ. ಸ್ವಾತಂತ್ರ್ಯ ಅಮೃತ ಮಹೋತ್ಸವ ಮನ್ನಡೆ ಯೋಜನೆಯ https://www.kaushalkar.com ಮೂಲಕ ಅರ್ಜಿ ಸಲ್ಲಿಸಬಹುದಾಗಿದೆ.

ಹೆಚ್ಚಿನ ಮಾಹಿತಿಗಾಗಿ ನಿಗಮದ ವೆಬ್‌ಸೈಟ್ https://kmcdc.karnataka.gov.in ನ್ನು ಅಥವಾ ನಿಗಮದ ಸಹಾಯವಾಣಿ 8867537799, 080–29903994 ಅಥವಾ ಜಿಲ್ಲಾ ವ್ಯವಸ್ಥಾಪಕರ ಕಚೇರಿ ದೂ.ಸಂಖ್ಯೆ: 0816–2005008ನ್ನು ಸಂಪರ್ಕಿಸಬೇಕೆಂದು ನಿಗಮದ ಜಿಲ್ಲಾ ವ್ಯವಸ್ಥಾಪಕರು ಪ್ರಕಟಣೆಯಲ್ಲಿ ತಿಳಿಸಿದ್ದಾರೆ.
